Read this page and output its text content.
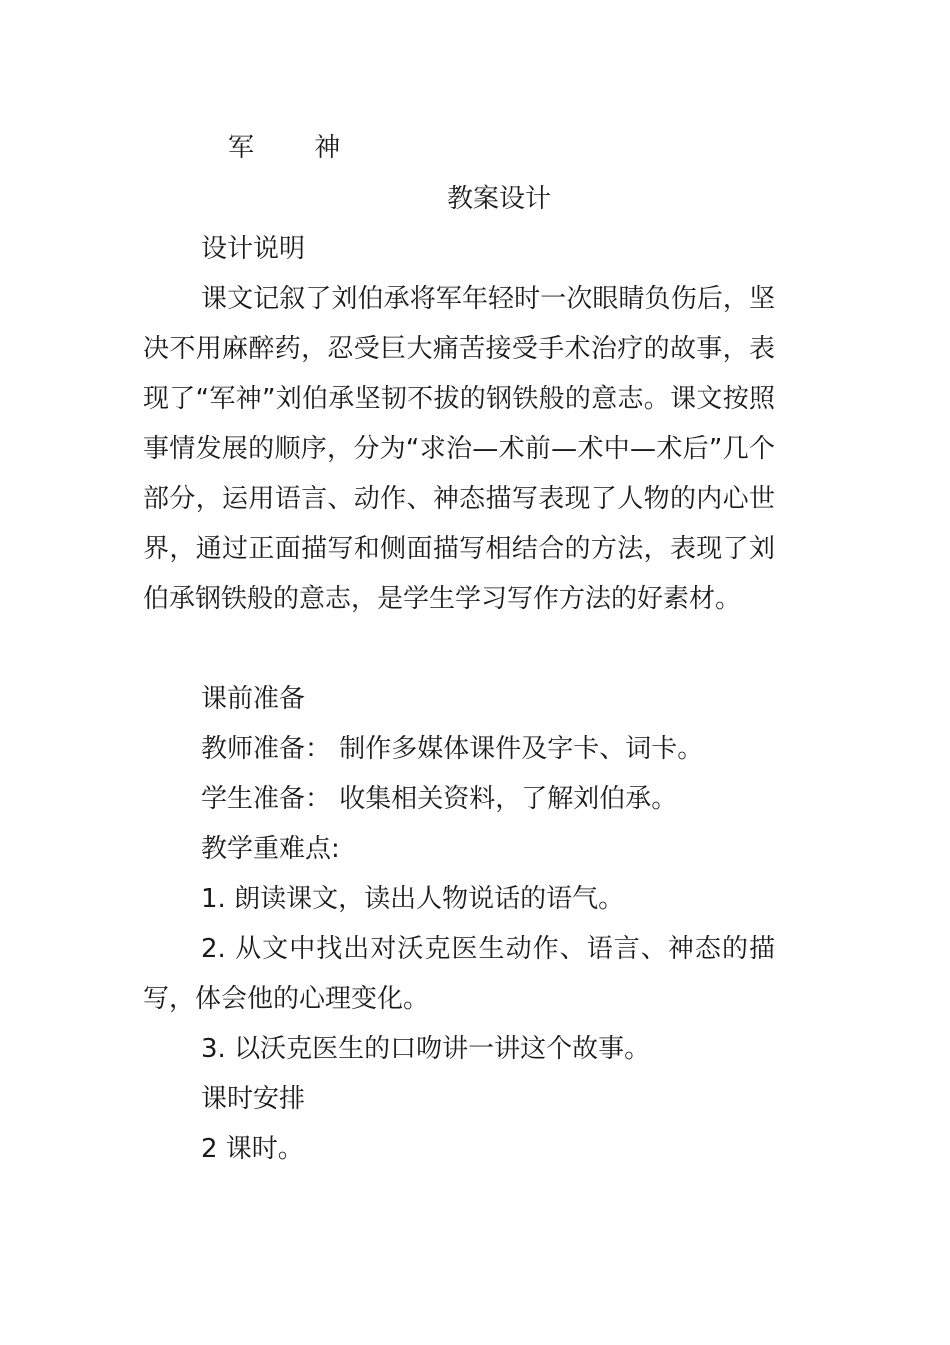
军 神
教案设计
设计说明
课文记叙了刘伯承将军年轻时一次眼睛负伤后，坚决不用麻醉药，忍受巨大痛苦接受手术治疗的故事，表现了“军神”刘伯承坚韧不拔的钢铁般的意志。课文按照事情发展的顺序，分为“求治—术前—术中—术后”几个部分，运用语言、动作、神态描写表现了人物的内心世界，通过正面描写和侧面描写相结合的方法，表现了刘伯承钢铁般的意志，是学生学习写作方法的好素材。
课前准备
教师准备： 制作多媒体课件及字卡、词卡。
学生准备： 收集相关资料，了解刘伯承。
教学重难点:
1. 朗读课文，读出人物说话的语气。
2. 从文中找出对沃克医生动作、语言、神态的描写，体会他的心理变化。
3. 以沃克医生的口吻讲一讲这个故事。
课时安排
2 课时。
